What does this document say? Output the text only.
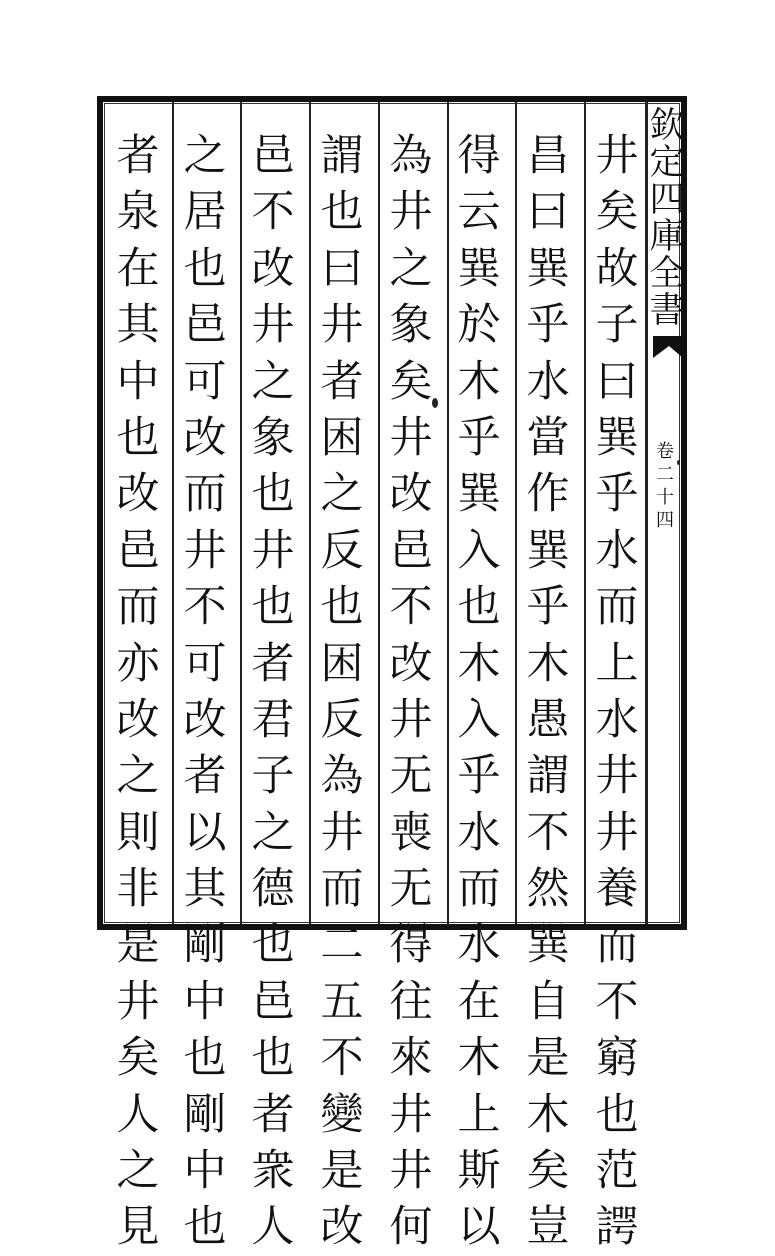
井
矣
故
子
曰
巽
乎
水
而
上
水
井
井
養
而
不
窮
也
范
諤
昌
曰
巽
乎
水
當
作
巽
乎
木
愚
謂
不
然
巽
自
是
木
矣
豈
得
云
巽
於
木
乎
巽
入
也
木
入
乎
水
而
水
在
木
上
斯
以
為
井
之
象
矣
井
改
邑
不
改
井
无
喪
无
得
往
來
井
井
何
謂
也
曰
井
者
困
之
反
也
困
反
為
井
而
二
五
不
變
是
改
邑
不
改
井
之
象
也
井
也
者
君
子
之
德
也
邑
也
者
衆
人
之
居
也
邑
可
改
而
井
不
可
改
者
以
其
剛
中
也
剛
中
也
者
泉
在
其
中
也
改
邑
而
亦
改
之
則
非
是
井
矣
人
之
見
欽
定
四
庫
全
書
卷
二
十
四
